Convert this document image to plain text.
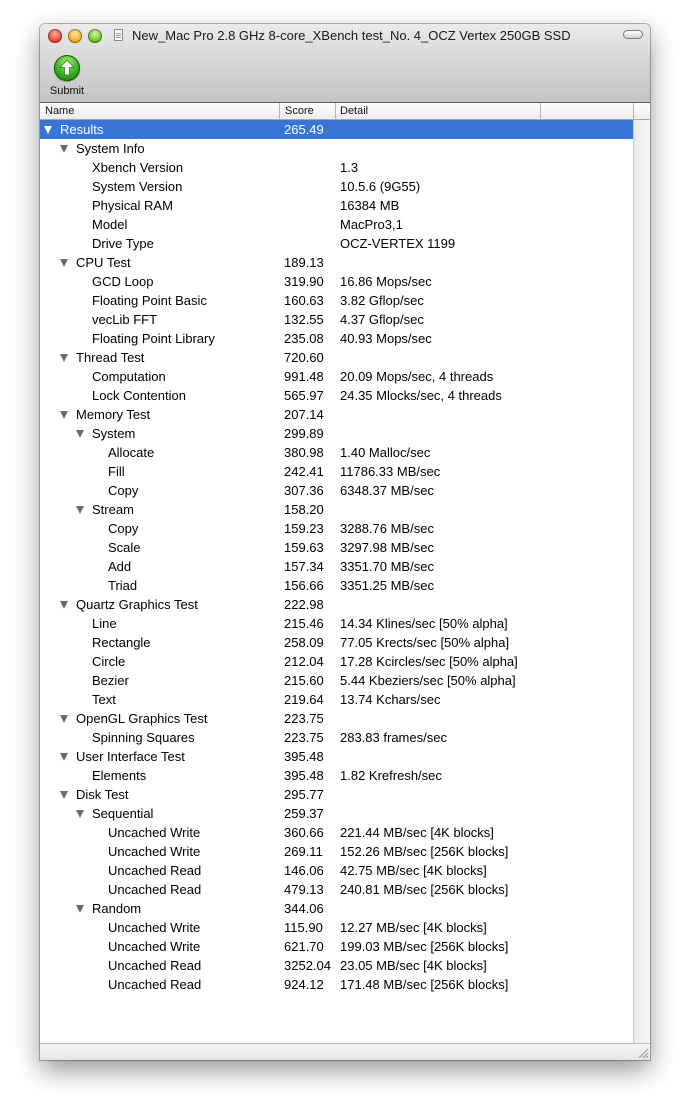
New_Mac Pro 2.8 GHz 8-core_XBench test_No. 4_OCZ Vertex 250GB SSD
Submit
Name	Score Detail
Results	265.49
System Info
Xbench Version	1.3
System Version	10.5.6 (9G55)
Physical RAM	16384 MB
Model	MacPro3,1
Drive Type	OCZ-VERTEX 1199
CPU Test	189.13
GCD Loop	319.90 16.86 Mops/sec
Floating Point Basic	160.63 3.82 Gflop/sec
vecLib FFT	132.55 4.37 Gflop/sec
Floating Point Library	235.08 40.93 Mops/sec
Thread Test	720.60
Computation	991.48 20.09 Mops/sec, 4 threads
Lock Contention	565.97 24.35 Mlocks/sec, 4 threads
Memory Test	207.14
System	299.89
Allocate	380.98 1.40 Malloc/sec
Fill	242.41 11786.33 MB/sec
Copy	307.36 6348.37 MB/sec
Stream	158.20
Copy	159.23 3288.76 MB/sec
Scale	159.63 3297.98 MB/sec
Add	157.34 3351.70 MB/sec
Triad	156.66 3351.25 MB/sec
Quartz Graphics Test	222.98
Line	215.46 14.34 Klines/sec [50% alpha]
Rectangle	258.09 77.05 Krects/sec [50% alpha]
Circle	212.04 17.28 Kcircles/sec [50% alpha]
Bezier	215.60 5.44 Kbeziers/sec [50% alpha]
Text	219.64 13.74 Kchars/sec
OpenGL Graphics Test	223.75
Spinning Squares	223.75 283.83 frames/sec
User Interface Test	395.48
Elements	395.48 1.82 Krefresh/sec
Disk Test	295.77
Sequential	259.37
Uncached Write	360.66 221.44 MB/sec [4K blocks]
Uncached Write	269.11 152.26 MB/sec [256K blocks]
Uncached Read	146.06 42.75 MB/sec [4K blocks]
Uncached Read	479.13 240.81 MB/sec [256K blocks]
Random	344.06
Uncached Write	115.90 12.27 MB/sec [4K blocks]
Uncached Write	621.70 199.03 MB/sec [256K blocks]
Uncached Read	3252.04 23.05 MB/sec [4K blocks]
Uncached Read	924.12 171.48 MB/sec [256K blocks]
